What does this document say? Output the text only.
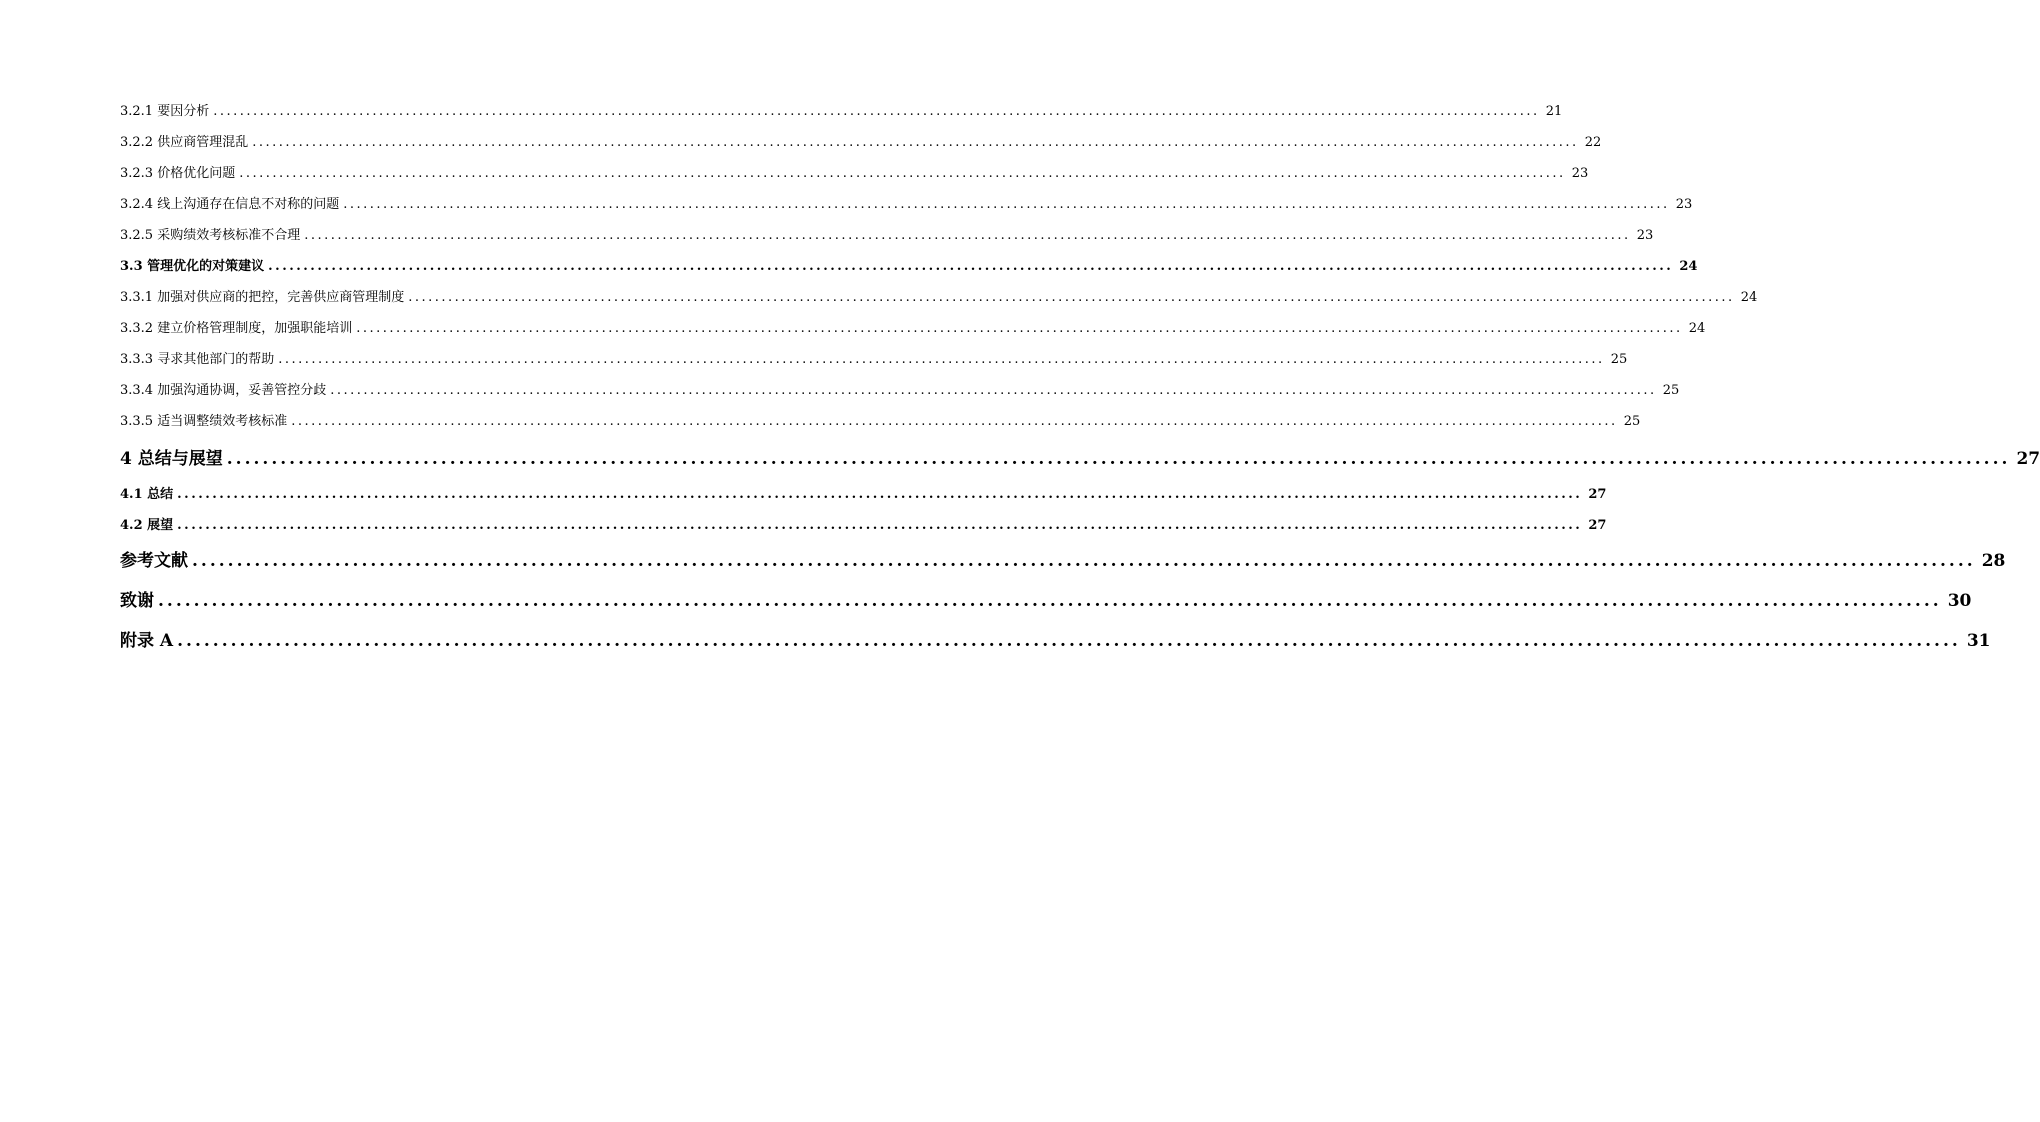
3.2.1 要因分析 ........................................................................................................................................................................................................ 21
3.2.2 供应商管理混乱 ........................................................................................................................................................................................................ 22
3.2.3 价格优化问题 ........................................................................................................................................................................................................ 23
3.2.4 线上沟通存在信息不对称的问题 ........................................................................................................................................................................................................ 23
3.2.5 采购绩效考核标准不合理 ........................................................................................................................................................................................................ 23
3.3 管理优化的对策建议 ........................................................................................................................................................................................................ 24
3.3.1 加强对供应商的把控，完善供应商管理制度 ........................................................................................................................................................................................................ 24
3.3.2 建立价格管理制度，加强职能培训 ........................................................................................................................................................................................................ 24
3.3.3 寻求其他部门的帮助 ........................................................................................................................................................................................................ 25
3.3.4 加强沟通协调，妥善管控分歧 ........................................................................................................................................................................................................ 25
3.3.5 适当调整绩效考核标准 ........................................................................................................................................................................................................ 25
4 总结与展望 ........................................................................................................................................................................................................ 27
4.1 总结 ........................................................................................................................................................................................................ 27
4.2 展望 ........................................................................................................................................................................................................ 27
参考文献 ........................................................................................................................................................................................................ 28
致谢 ........................................................................................................................................................................................................ 30
附录 A ........................................................................................................................................................................................................ 31
